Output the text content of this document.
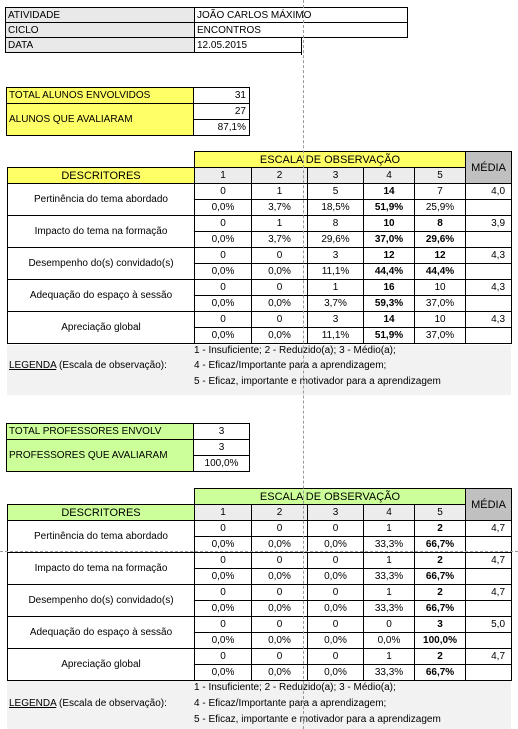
ATIVIDADE	JOÃO CARLOS MÁXIMO
CICLO	ENCONTROS
DATA	12.05.2015
TOTAL ALUNOS ENVOLVIDOS	31
ALUNOS QUE AVALIARAM	27
	87,1%
	ESCALA DE OBSERVAÇÃO					MÉDIA
DESCRITORES	1	2	3	4	5	
Pertinência do tema abordado	0	1	5	14	7	4,0
	0,0%	3,7%	18,5%	51,9%	25,9%	
Impacto do tema na formação	0	1	8	10	8	3,9
	0,0%	3,7%	29,6%	37,0%	29,6%	
Desempenho do(s) convidado(s)	0	0	3	12	12	4,3
	0,0%	0,0%	11,1%	44,4%	44,4%	
Adequação do espaço à sessão	0	0	1	16	10	4,3
	0,0%	0,0%	3,7%	59,3%	37,0%	
Apreciação global	0	0	3	14	10	4,3
	0,0%	0,0%	11,1%	51,9%	37,0%	
1 - Insuficiente; 2 - Reduzido(a); 3 - Médio(a);
LEGENDA (Escala de observação):	4 - Eficaz/Importante para a aprendizagem;
5 - Eficaz, importante e motivador para a aprendizagem
TOTAL PROFESSORES ENVOLV	3
PROFESSORES QUE AVALIARAM	3
	100,0%
	ESCALA DE OBSERVAÇÃO					MÉDIA
DESCRITORES	1	2	3	4	5	
Pertinência do tema abordado	0	0	0	1	2	4,7
	0,0%	0,0%	0,0%	33,3%	66,7%	
Impacto do tema na formação	0	0	0	1	2	4,7
	0,0%	0,0%	0,0%	33,3%	66,7%	
Desempenho do(s) convidado(s)	0	0	0	1	2	4,7
	0,0%	0,0%	0,0%	33,3%	66,7%	
Adequação do espaço à sessão	0	0	0	0	3	5,0
	0,0%	0,0%	0,0%	0,0%	100,0%	
Apreciação global	0	0	0	1	2	4,7
	0,0%	0,0%	0,0%	33,3%	66,7%	
1 - Insuficiente; 2 - Reduzido(a); 3 - Médio(a);
LEGENDA (Escala de observação):	4 - Eficaz/Importante para a aprendizagem;
5 - Eficaz, importante e motivador para a aprendizagem
